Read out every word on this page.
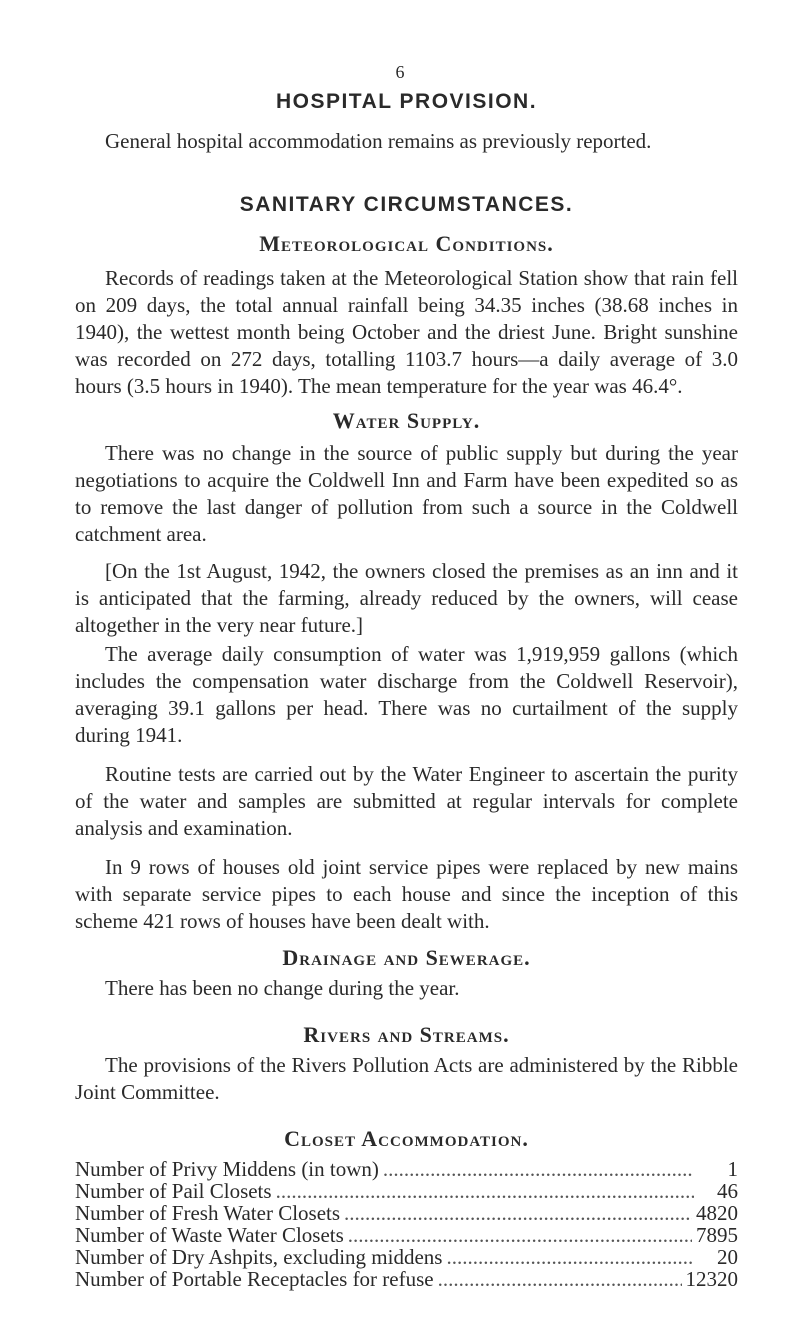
6
HOSPITAL PROVISION.

General hospital accommodation remains as previously reported.

SANITARY CIRCUMSTANCES.
Meteorological Conditions.

Records of readings taken at the Meteorological Station show that rain fell on 209 days, the total annual rainfall being 34.35 inches (38.68 inches in 1940), the wettest month being October and the driest June. Bright sunshine was recorded on 272 days, totalling 1103.7 hours—a daily average of 3.0 hours (3.5 hours in 1940). The mean temperature for the year was 46.4°.

Water Supply.

There was no change in the source of public supply but during the year negotiations to acquire the Coldwell Inn and Farm have been expedited so as to remove the last danger of pollution from such a source in the Coldwell catchment area.

[On the 1st August, 1942, the owners closed the premises as an inn and it is anticipated that the farming, already reduced by the owners, will cease altogether in the very near future.]

The average daily consumption of water was 1,919,959 gallons (which includes the compensation water discharge from the Coldwell Reservoir), averaging 39.1 gallons per head. There was no curtailment of the supply during 1941.

Routine tests are carried out by the Water Engineer to ascertain the purity of the water and samples are submitted at regular intervals for complete analysis and examination.

In 9 rows of houses old joint service pipes were replaced by new mains with separate service pipes to each house and since the inception of this scheme 421 rows of houses have been dealt with.

Drainage and Sewerage.

There has been no change during the year.

Rivers and Streams.

The provisions of the Rivers Pollution Acts are administered by the Ribble Joint Committee.

Closet Accommodation.
Number of Privy Middens (in town) .....	1
Number of Pail Closets .....	46
Number of Fresh Water Closets .....	4820
Number of Waste Water Closets .....	7895
Number of Dry Ashpits, excluding middens .....	20
Number of Portable Receptacles for refuse .....	12320
